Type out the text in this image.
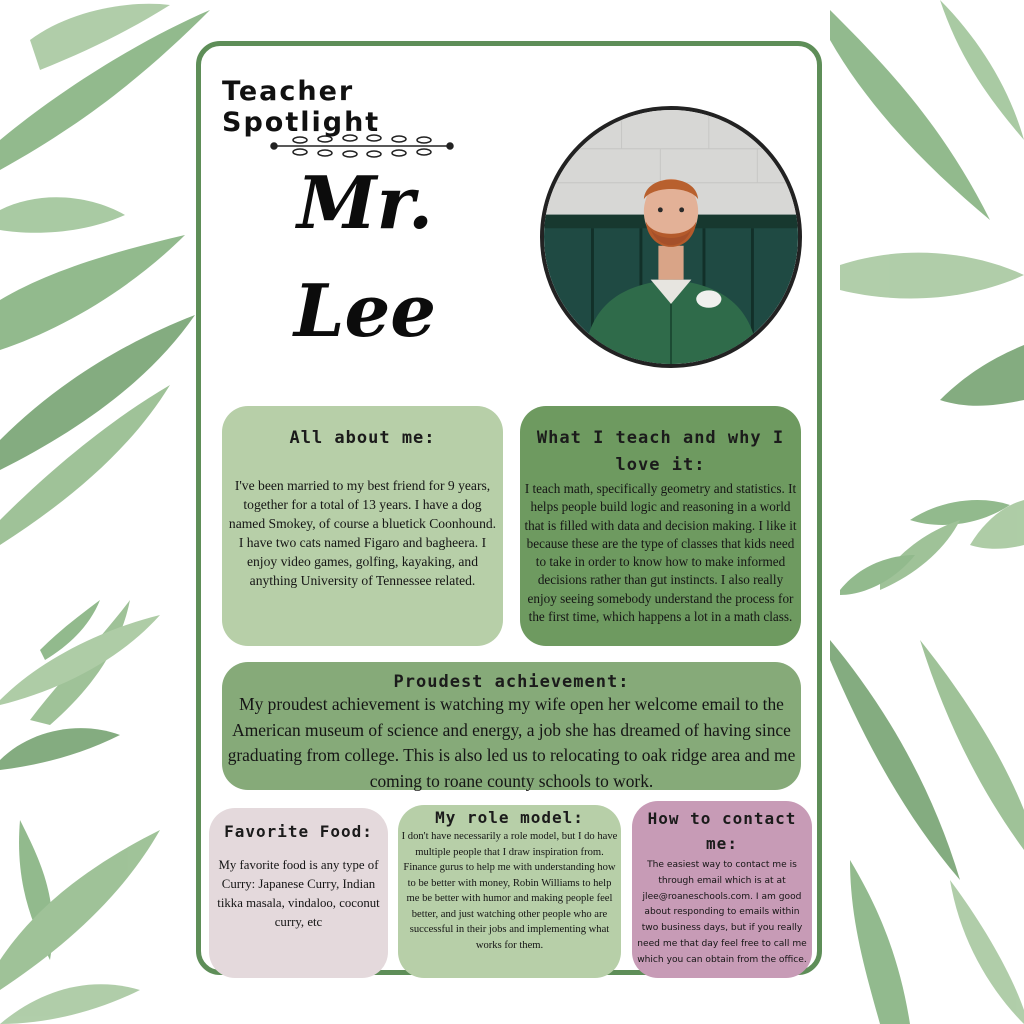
Teacher Spotlight
Mr.
Lee
All about me:

I've been married to my best friend for 9 years, together for a total of 13 years. I have a dog named Smokey, of course a bluetick Coonhound. I have two cats named Figaro and bagheera. I enjoy video games, golfing, kayaking, and anything University of Tennessee related.

What I teach and why I love it:

I teach math, specifically geometry and statistics. It helps people build logic and reasoning in a world that is filled with data and decision making. I like it because these are the type of classes that kids need to take in order to know how to make informed decisions rather than gut instincts. I also really enjoy seeing somebody understand the process for the first time, which happens a lot in a math class.

Proudest achievement:

My proudest achievement is watching my wife open her welcome email to the American museum of science and energy, a job she has dreamed of having since graduating from college. This is also led us to relocating to oak ridge area and me coming to roane county schools to work.

Favorite Food:

My favorite food is any type of Curry: Japanese Curry, Indian tikka masala, vindaloo, coconut curry, etc

My role model:

I don't have necessarily a role model, but I do have multiple people that I draw inspiration from. Finance gurus to help me with understanding how to be better with money, Robin Williams to help me be better with humor and making people feel better, and just watching other people who are successful in their jobs and implementing what works for them.

How to contact me:

The easiest way to contact me is through email which is at at jlee@roaneschools.com. I am good about responding to emails within two business days, but if you really need me that day feel free to call me which you can obtain from the office.
